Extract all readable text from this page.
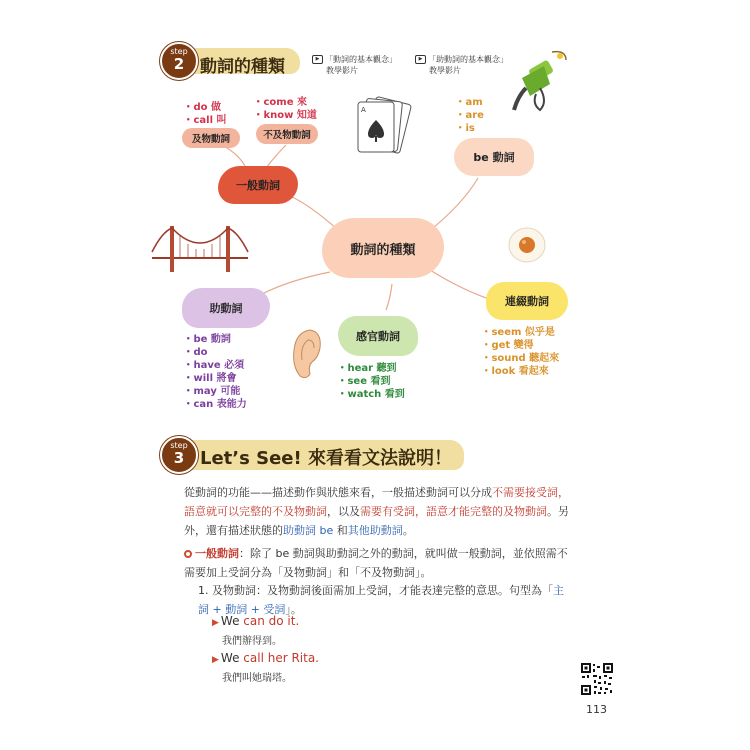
step
2 動詞的種類	▶ 「動詞的基本觀念」
教學影片
▶ 「助動詞的基本觀念」
教學影片
A
• do 做
• call 叫
• come 來
• know 知道
及物動詞	不及物動詞
一般動詞
• am
• are
• is
be 動詞
動詞的種類
助動詞
• be 動詞
• do
• have 必須
• will 將會
• may 可能
• can 表能力
感官動詞
• hear 聽到
• see 看到
• watch 看到
連綴動詞
• seem 似乎是
• get 變得
• sound 聽起來
• look 看起來
step
3 Let’s See! 來看看文法說明！
從動詞的功能——描述動作與狀態來看，一般描述動詞可以分成不需要接受詞，語意就可以完整的不及物動詞，以及需要有受詞，語意才能完整的及物動詞。另外，還有描述狀態的助動詞 be 和其他助動詞。
一般動詞：除了 be 動詞與助動詞之外的動詞，就叫做一般動詞，並依照需不需要加上受詞分為「及物動詞」和「不及物動詞」。
1. 及物動詞：及物動詞後面需加上受詞，才能表達完整的意思。句型為「主詞 + 動詞 + 受詞」。
▶ We can do it.
我們辦得到。
▶ We call her Rita.
我們叫她瑞塔。
113
